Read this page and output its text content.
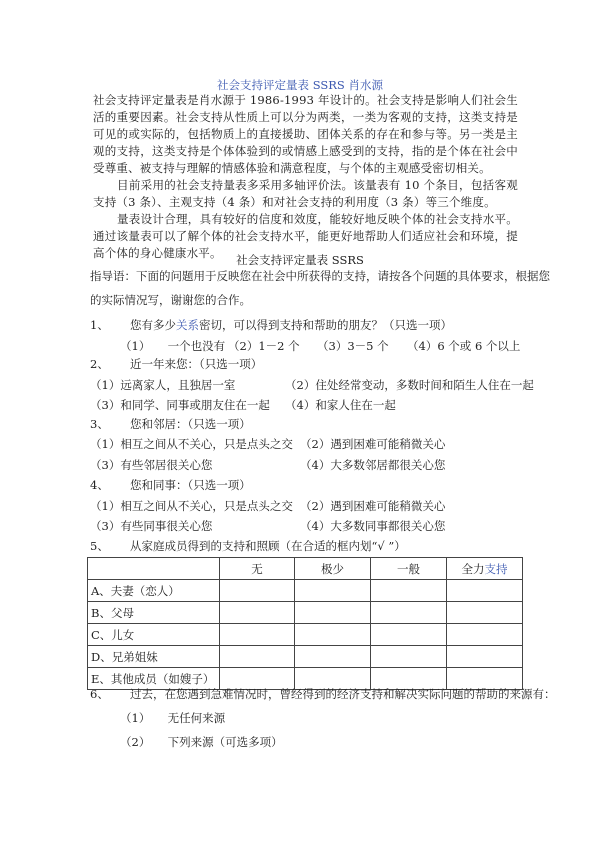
社会支持评定量表 SSRS 肖水源

社会支持评定量表是肖水源于 1986-1993 年设计的。社会支持是影响人们社会生活的重要因素。社会支持从性质上可以分为两类，一类为客观的支持，这类支持是可见的或实际的，包括物质上的直接援助、团体关系的存在和参与等。另一类是主观的支持，这类支持是个体体验到的或情感上感受到的支持，指的是个体在社会中受尊重、被支持与理解的情感体验和满意程度，与个体的主观感受密切相关。

目前采用的社会支持量表多采用多轴评价法。该量表有 10 个条目，包括客观支持（3 条）、主观支持（4 条）和对社会支持的利用度（3 条）等三个维度。

量表设计合理，具有较好的信度和效度，能较好地反映个体的社会支持水平。通过该量表可以了解个体的社会支持水平，能更好地帮助人们适应社会和环境，提高个体的身心健康水平。	社会支持评定量表 SSRS
指导语：下面的问题用于反映您在社会中所获得的支持，请按各个问题的具体要求，根据您
的实际情况写，谢谢您的合作。
1、 您有多少关系密切，可以得到支持和帮助的朋友？（只选一项）
（1）　　一个也没有 （2）1－2 个 （3）3－5 个 （4）6 个或 6 个以上
2、 近一年来您：（只选一项）
（1）远离家人，且独居一室	（2）住处经常变动，多数时间和陌生人住在一起
（3）和同学、同事或朋友住在一起 （4）和家人住在一起
3、 您和邻居：（只选一项）
（1）相互之间从不关心，只是点头之交 （2）遇到困难可能稍微关心
（3）有些邻居很关心您	（4）大多数邻居都很关心您
4、 您和同事：（只选一项）
（1）相互之间从不关心，只是点头之交 （2）遇到困难可能稍微关心
（3）有些同事很关心您	（4）大多数同事都很关心您
5、 从家庭成员得到的支持和照顾（在合适的框内划“√ ”）
	无	极少	一般	全力支持
A、夫妻（恋人）				
B、父母				
C、儿女				
D、兄弟姐妹				
E、其他成员（如嫂子）				
6、 过去，在您遇到急难情况时，曾经得到的经济支持和解决实际问题的帮助的来源有：
（1）　　无任何来源
（2）　　下列来源（可选多项）
